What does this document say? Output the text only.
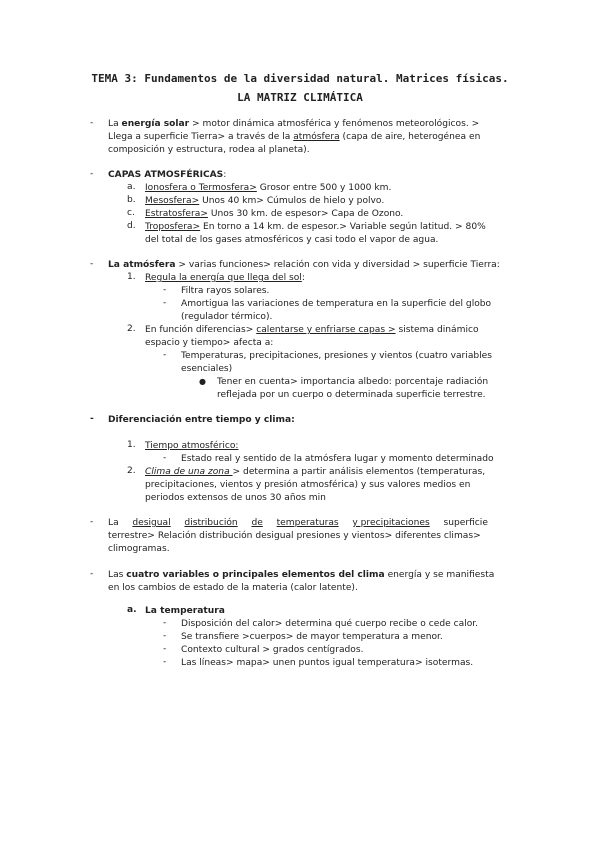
TEMA 3: Fundamentos de la diversidad natural. Matrices físicas.
LA MATRIZ CLIMÁTICA
- La energía solar > motor dinámica atmosférica y fenómenos meteorológicos. >
Llega a superficie Tierra> a través de la atmósfera (capa de aire, heterogénea en
composición y estructura, rodea al planeta).
- CAPAS ATMOSFÉRICAS:
a. Ionosfera o Termosfera> Grosor entre 500 y 1000 km.
b. Mesosfera> Unos 40 km> Cúmulos de hielo y polvo.
c. Estratosfera> Unos 30 km. de espesor> Capa de Ozono.
d. Troposfera> En torno a 14 km. de espesor.> Variable según latitud. > 80%
del total de los gases atmosféricos y casi todo el vapor de agua.
- La atmósfera > varias funciones> relación con vida y diversidad > superficie Tierra:
1. Regula la energía que llega del sol:
- Filtra rayos solares.
- Amortigua las variaciones de temperatura en la superficie del globo
(regulador térmico).
2. En función diferencias> calentarse y enfriarse capas > sistema dinámico
espacio y tiempo> afecta a:
- Temperaturas, precipitaciones, presiones y vientos (cuatro variables
esenciales)
● Tener en cuenta> importancia albedo: porcentaje radiación
reflejada por un cuerpo o determinada superficie terrestre.
- Diferenciación entre tiempo y clima:
1. Tiempo atmosférico:
- Estado real y sentido de la atmósfera lugar y momento determinado
2. Clima de una zona > determina a partir análisis elementos (temperaturas,
precipitaciones, vientos y presión atmosférica) y sus valores medios en
periodos extensos de unos 30 años min
- La desigual distribución de temperaturas y precipitaciones superficie
terrestre> Relación distribución desigual presiones y vientos> diferentes climas>
climogramas.
- Las cuatro variables o principales elementos del clima energía y se manifiesta
en los cambios de estado de la materia (calor latente).
a. La temperatura
- Disposición del calor> determina qué cuerpo recibe o cede calor.
- Se transfiere >cuerpos> de mayor temperatura a menor.
- Contexto cultural > grados centígrados.
- Las líneas> mapa> unen puntos igual temperatura> isotermas.
